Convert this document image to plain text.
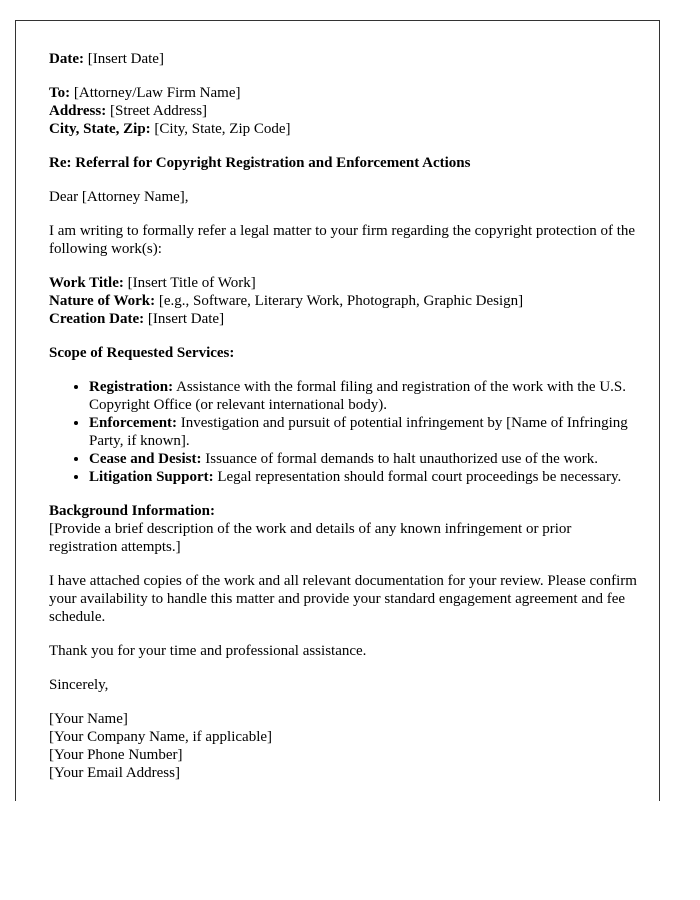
Date: [Insert Date]

To: [Attorney/Law Firm Name]
Address: [Street Address]
City, State, Zip: [City, State, Zip Code]

Re: Referral for Copyright Registration and Enforcement Actions

Dear [Attorney Name],

I am writing to formally refer a legal matter to your firm regarding the copyright protection of the following work(s):

Work Title: [Insert Title of Work]
Nature of Work: [e.g., Software, Literary Work, Photograph, Graphic Design]
Creation Date: [Insert Date]

Scope of Requested Services:

• Registration: Assistance with the formal filing and registration of the work with the U.S. Copyright Office (or relevant international body).
• Enforcement: Investigation and pursuit of potential infringement by [Name of Infringing Party, if known].
• Cease and Desist: Issuance of formal demands to halt unauthorized use of the work.
• Litigation Support: Legal representation should formal court proceedings be necessary.

Background Information:
[Provide a brief description of the work and details of any known infringement or prior registration attempts.]

I have attached copies of the work and all relevant documentation for your review. Please confirm your availability to handle this matter and provide your standard engagement agreement and fee schedule.

Thank you for your time and professional assistance.

Sincerely,

[Your Name]
[Your Company Name, if applicable]
[Your Phone Number]
[Your Email Address]
